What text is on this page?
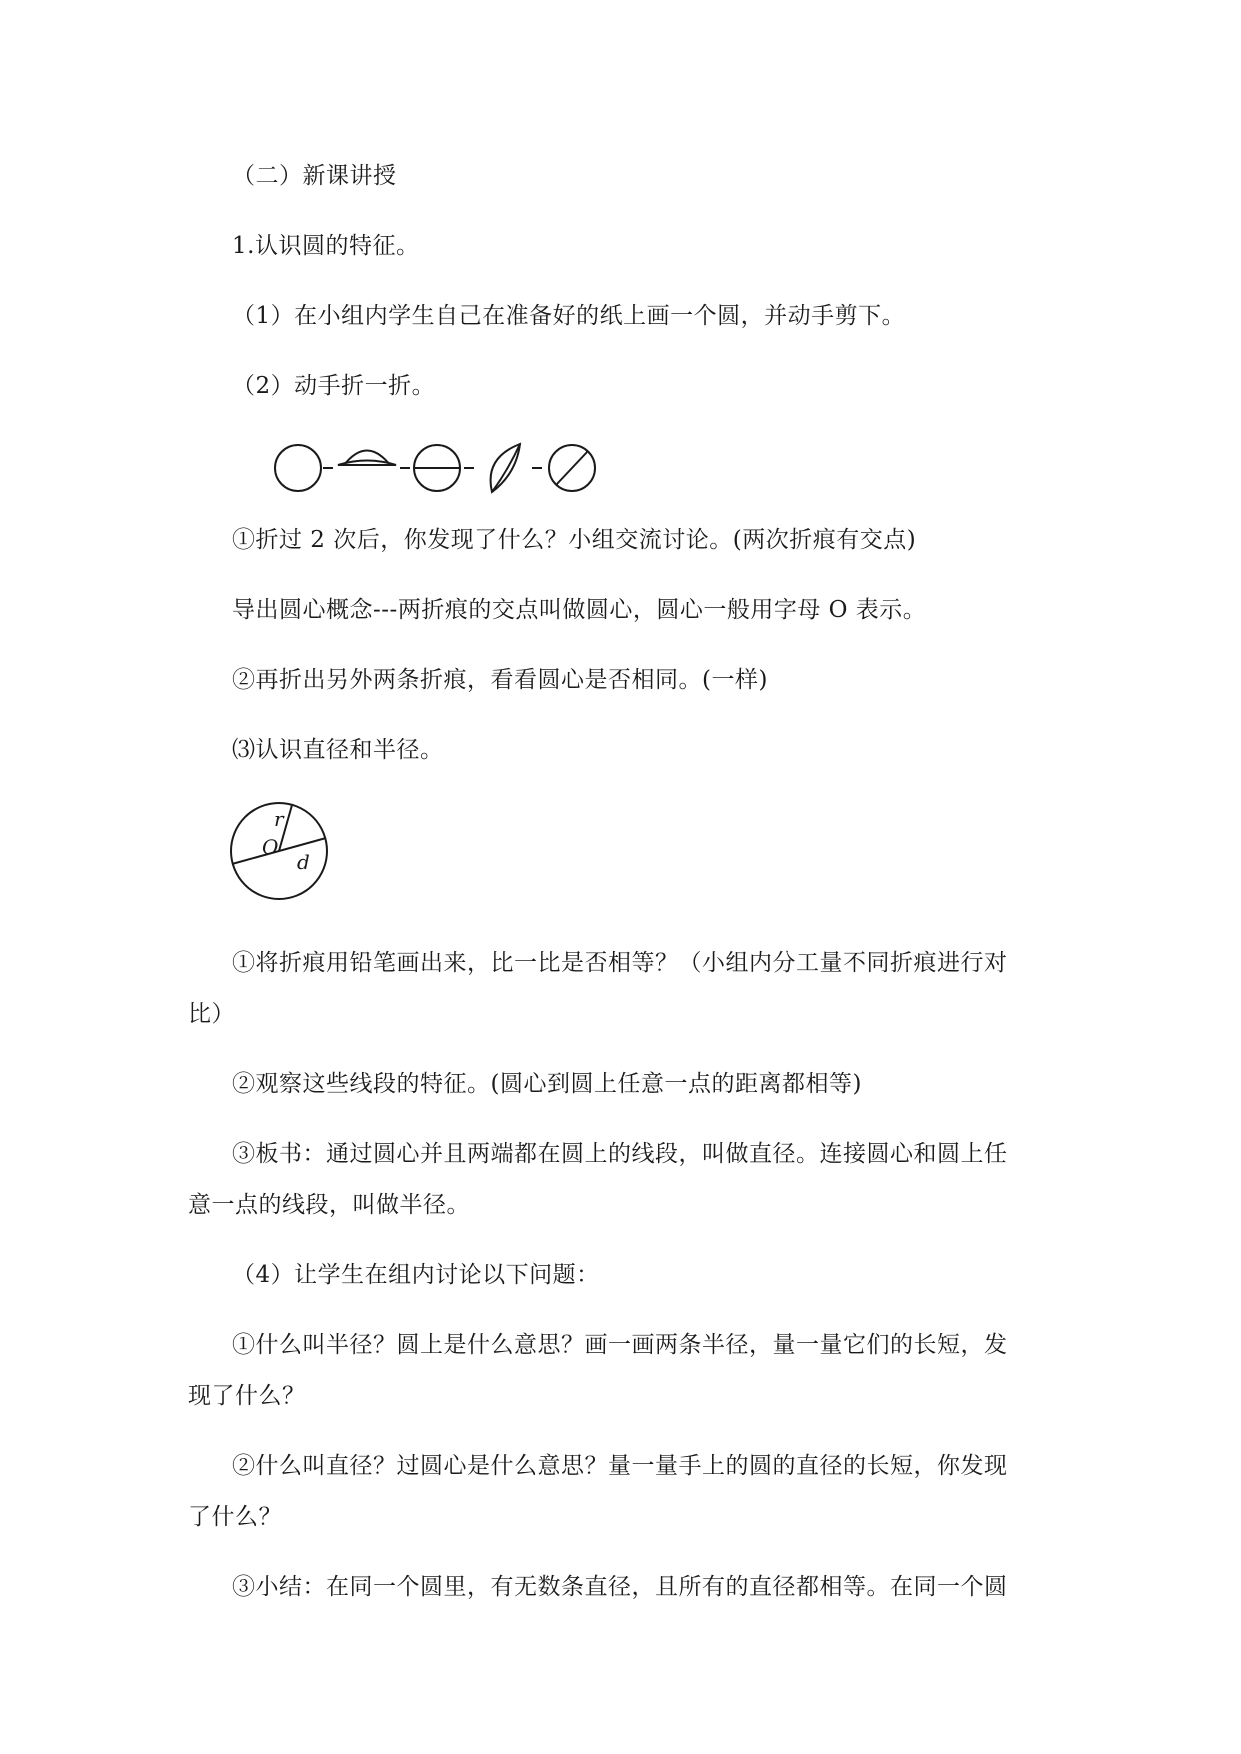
（二）新课讲授
1.认识圆的特征。
（1）在小组内学生自己在准备好的纸上画一个圆，并动手剪下。
（2）动手折一折。
①折过 2 次后，你发现了什么？小组交流讨论。(两次折痕有交点)
导出圆心概念---两折痕的交点叫做圆心，圆心一般用字母 O 表示。
②再折出另外两条折痕，看看圆心是否相同。(一样)
⑶认识直径和半径。
r
O
d
①将折痕用铅笔画出来，比一比是否相等？（小组内分工量不同折痕进行对
比）
②观察这些线段的特征。(圆心到圆上任意一点的距离都相等)
③板书：通过圆心并且两端都在圆上的线段，叫做直径。连接圆心和圆上任
意一点的线段，叫做半径。
（4）让学生在组内讨论以下问题：
①什么叫半径？圆上是什么意思？画一画两条半径，量一量它们的长短，发
现了什么？
②什么叫直径？过圆心是什么意思？量一量手上的圆的直径的长短，你发现
了什么？
③小结：在同一个圆里，有无数条直径，且所有的直径都相等。在同一个圆
